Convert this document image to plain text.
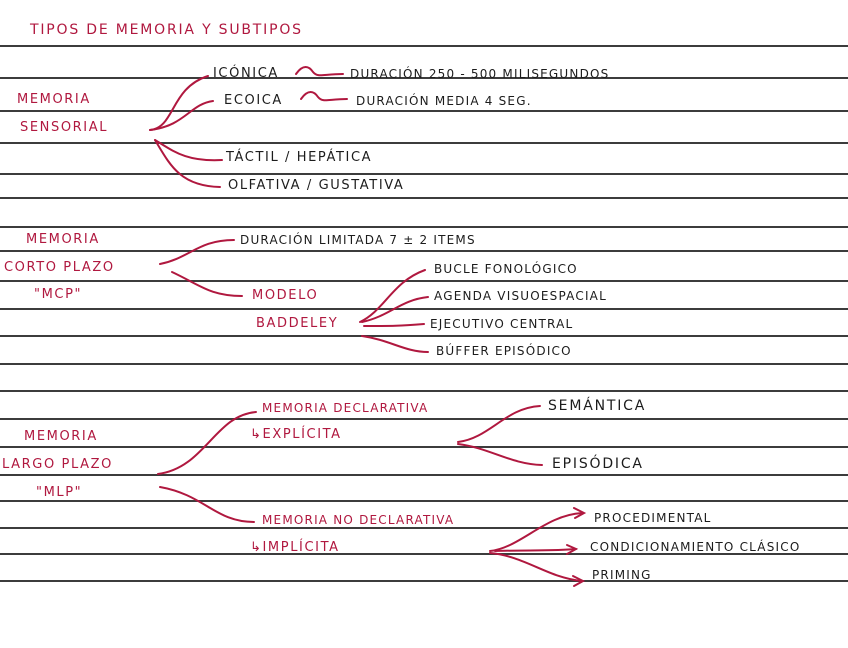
TIPOS DE MEMORIA Y SUBTIPOS
MEMORIA
SENSORIAL
ICÓNICA	DURACIÓN 250 - 500 MILISEGUNDOS
ECOICA	DURACIÓN MEDIA 4 SEG.
TÁCTIL / HEPÁTICA
OLFATIVA / GUSTATIVA
MEMORIA
CORTO PLAZO
"MCP"
DURACIÓN LIMITADA 7 ± 2 ITEMS
MODELO
BADDELEY
BUCLE FONOLÓGICO
AGENDA VISUOESPACIAL
EJECUTIVO CENTRAL
BÚFFER EPISÓDICO
MEMORIA
LARGO PLAZO
"MLP"
MEMORIA DECLARATIVA
↳EXPLÍCITA
SEMÁNTICA
EPISÓDICA
MEMORIA NO DECLARATIVA
↳IMPLÍCITA
PROCEDIMENTAL
CONDICIONAMIENTO CLÁSICO
PRIMING
